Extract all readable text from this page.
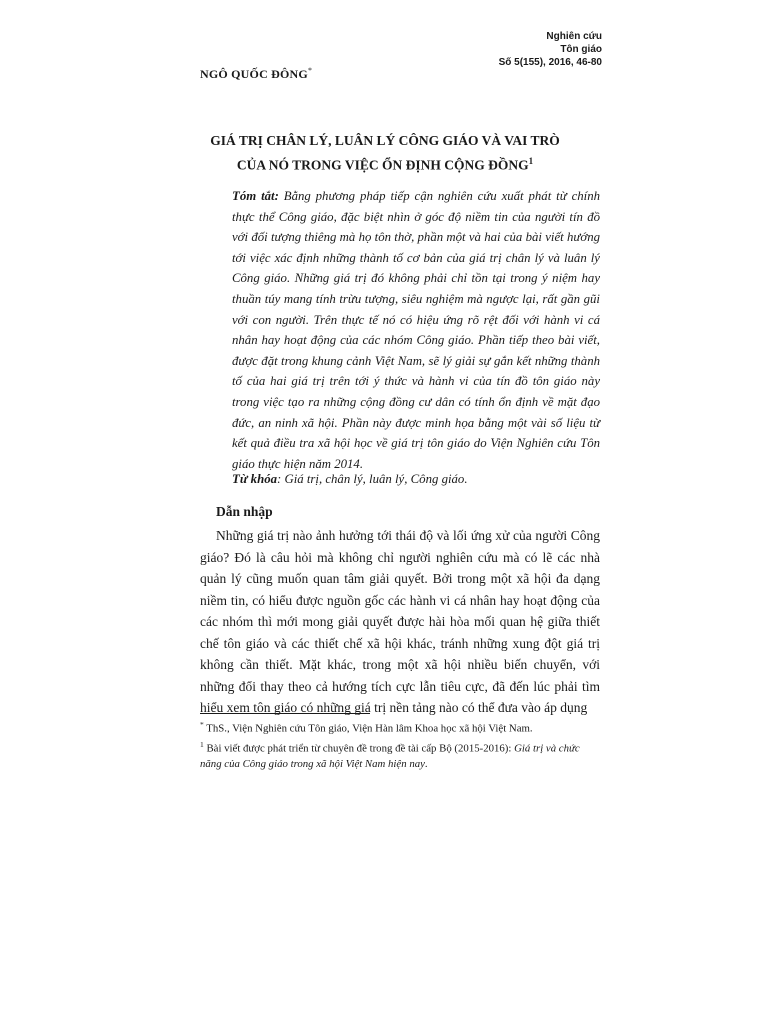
Nghiên cứu
Tôn giáo
Số 5(155), 2016, 46-80
NGÔ QUỐC ĐÔNG*
GIÁ TRỊ CHÂN LÝ, LUÂN LÝ CÔNG GIÁO VÀ VAI TRÒ
CỦA NÓ TRONG VIỆC ỔN ĐỊNH CỘNG ĐỒNG$^1$
Tóm tắt: Bằng phương pháp tiếp cận nghiên cứu xuất phát từ chính thực thể Công giáo, đặc biệt nhìn ở góc độ niềm tin của người tín đồ với đối tượng thiêng mà họ tôn thờ, phần một và hai của bài viết hướng tới việc xác định những thành tố cơ bản của giá trị chân lý và luân lý Công giáo. Những giá trị đó không phải chỉ tồn tại trong ý niệm hay thuần túy mang tính trừu tượng, siêu nghiệm mà ngược lại, rất gần gũi với con người. Trên thực tế nó có hiệu ứng rõ rệt đối với hành vi cá nhân hay hoạt động của các nhóm Công giáo. Phần tiếp theo bài viết, được đặt trong khung cảnh Việt Nam, sẽ lý giải sự gắn kết những thành tố của hai giá trị trên tới ý thức và hành vi của tín đồ tôn giáo này trong việc tạo ra những cộng đồng cư dân có tính ổn định về mặt đạo đức, an ninh xã hội. Phần này được minh họa bằng một vài số liệu từ kết quả điều tra xã hội học về giá trị tôn giáo do Viện Nghiên cứu Tôn giáo thực hiện năm 2014.
Từ khóa: Giá trị, chân lý, luân lý, Công giáo.
Dẫn nhập

Những giá trị nào ảnh hưởng tới thái độ và lối ứng xử của người Công giáo? Đó là câu hỏi mà không chỉ người nghiên cứu mà có lẽ các nhà quản lý cũng muốn quan tâm giải quyết. Bởi trong một xã hội đa dạng niềm tin, có hiểu được nguồn gốc các hành vi cá nhân hay hoạt động của các nhóm thì mới mong giải quyết được hài hòa mối quan hệ giữa thiết chế tôn giáo và các thiết chế xã hội khác, tránh những xung đột giá trị không cần thiết. Mặt khác, trong một xã hội nhiều biến chuyển, với những đổi thay theo cả hướng tích cực lẫn tiêu cực, đã đến lúc phải tìm hiểu xem tôn giáo có những giá trị nền tảng nào có thể đưa vào áp dụng

* ThS., Viện Nghiên cứu Tôn giáo, Viện Hàn lâm Khoa học xã hội Việt Nam.

$^1$ Bài viết được phát triển từ chuyên đề trong đề tài cấp Bộ (2015-2016): Giá trị và chức năng của Công giáo trong xã hội Việt Nam hiện nay.
